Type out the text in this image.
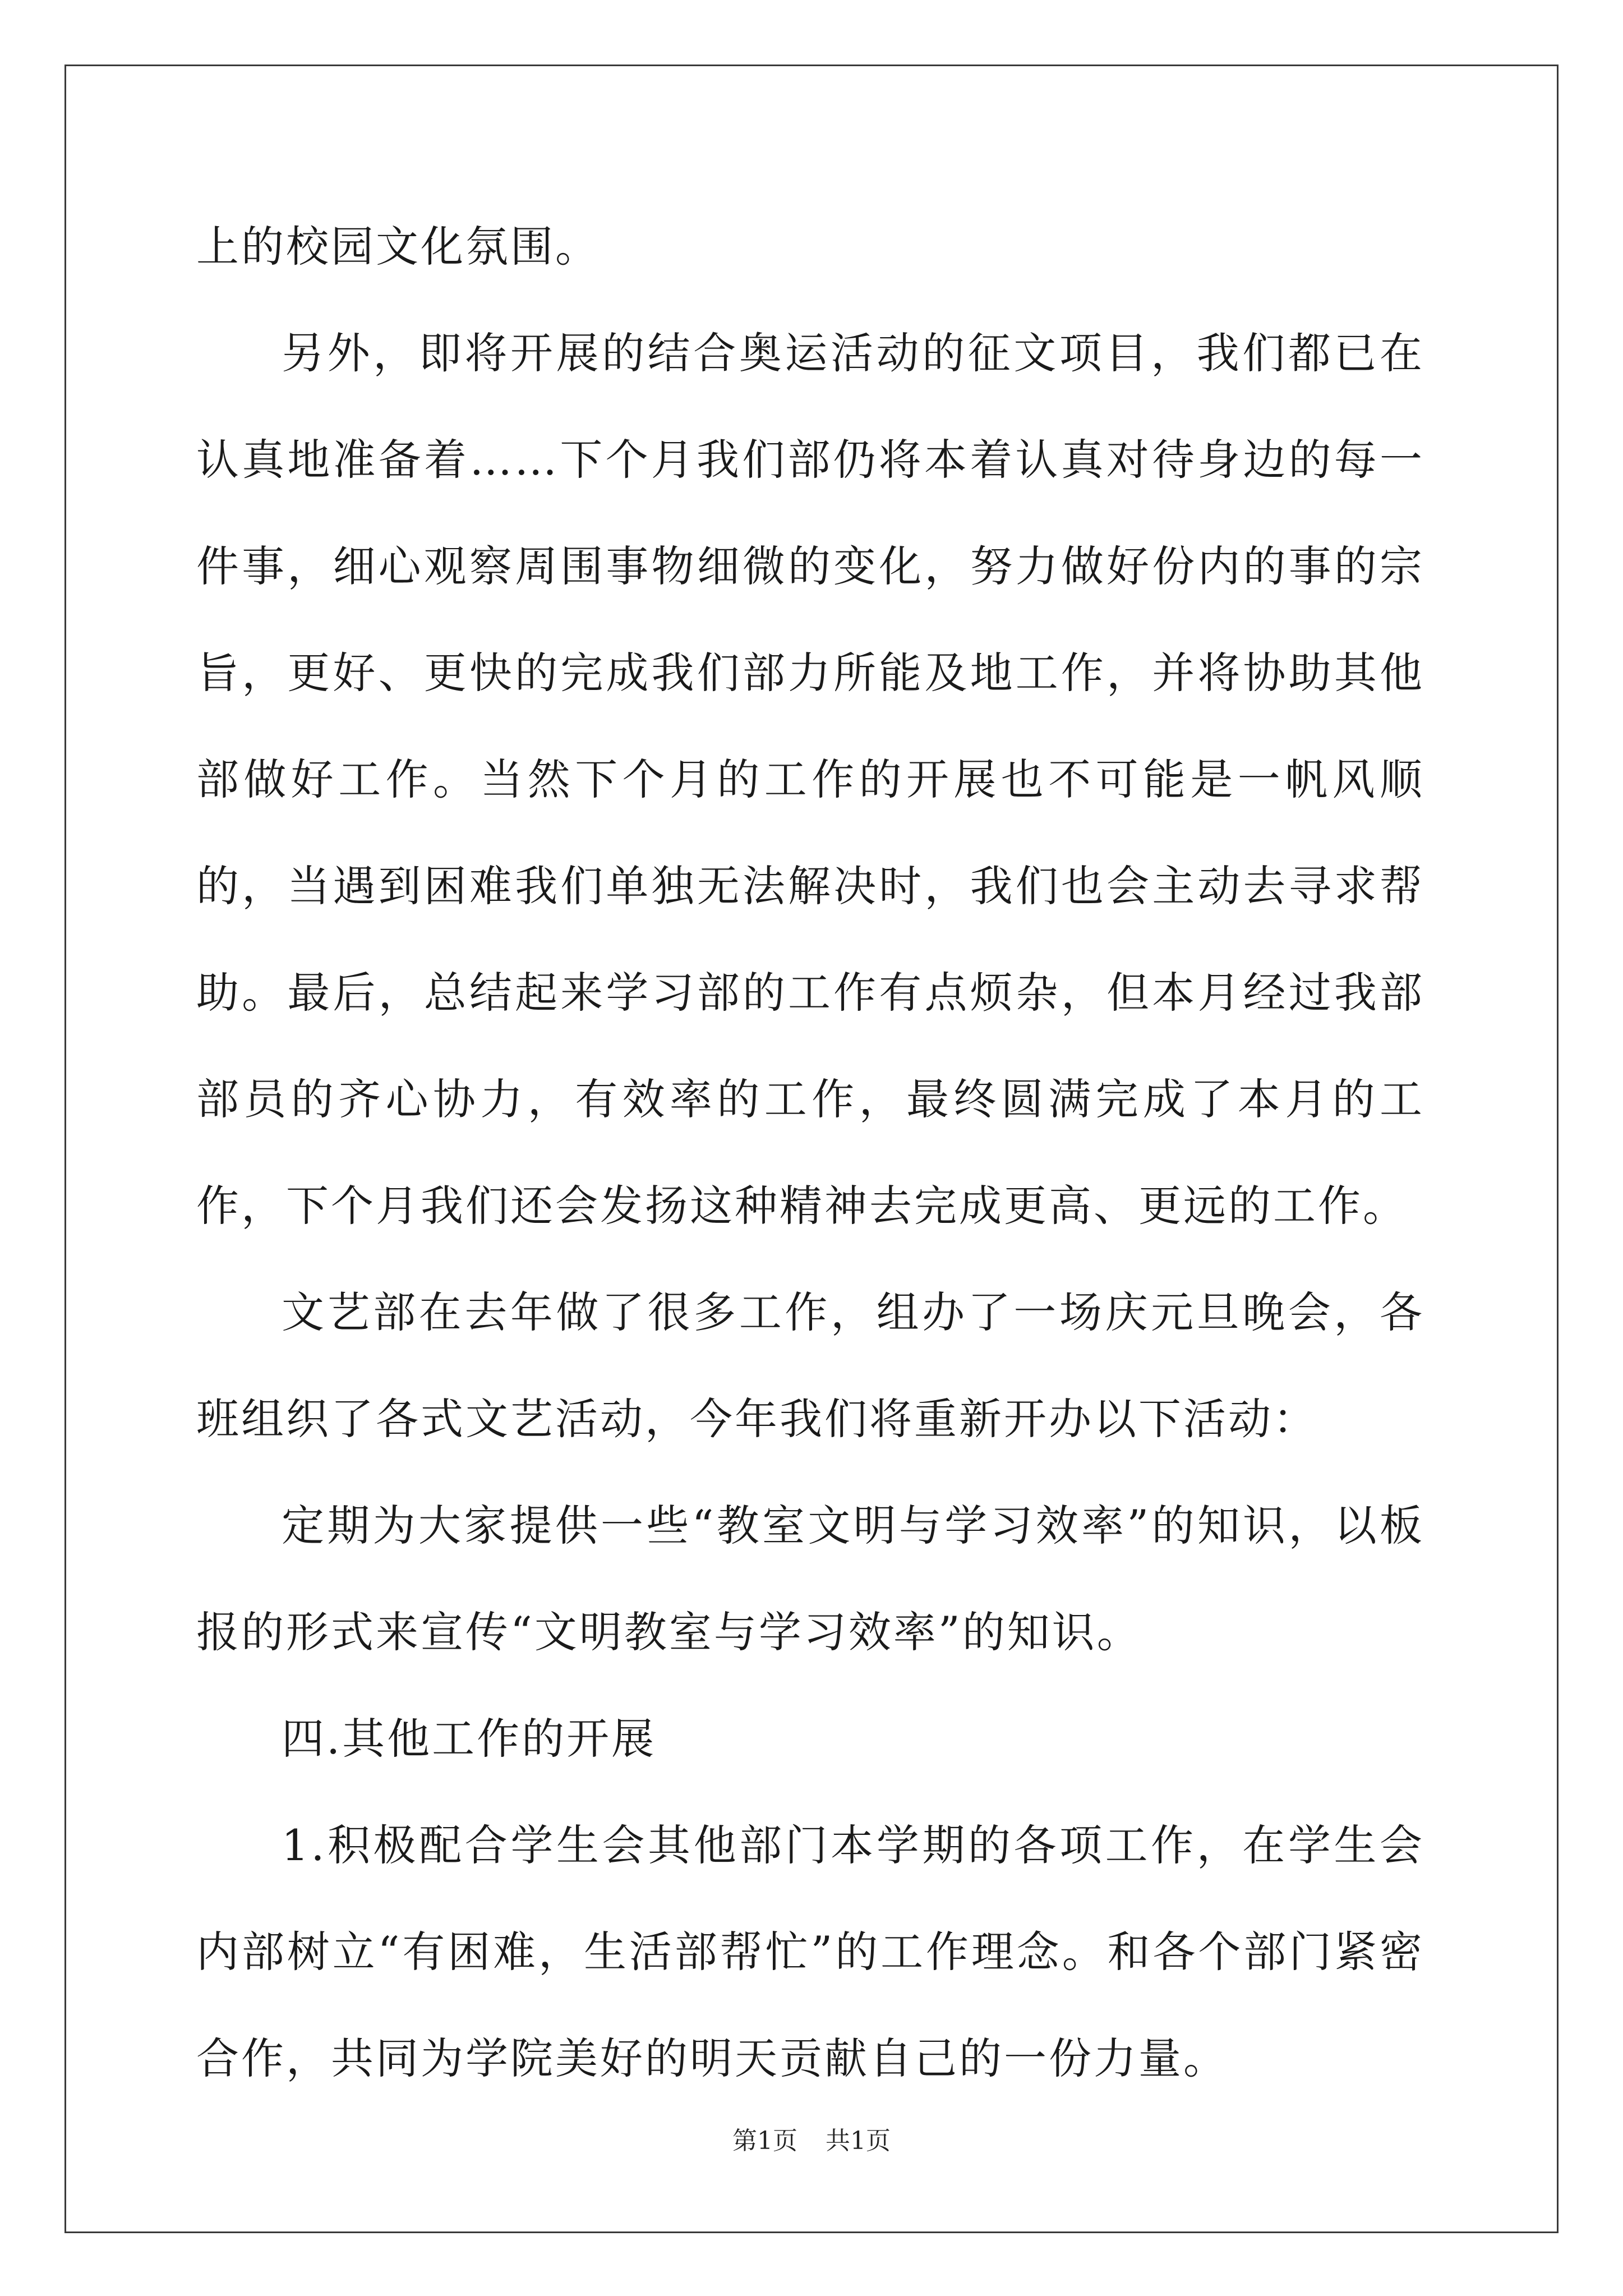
上的校园文化氛围。

另外，即将开展的结合奥运活动的征文项目，我们都已在认真地准备着……下个月我们部仍将本着认真对待身边的每一件事，细心观察周围事物细微的变化，努力做好份内的事的宗旨，更好、更快的完成我们部力所能及地工作，并将协助其他部做好工作。当然下个月的工作的开展也不可能是一帆风顺的，当遇到困难我们单独无法解决时，我们也会主动去寻求帮助。最后，总结起来学习部的工作有点烦杂，但本月经过我部部员的齐心协力，有效率的工作，最终圆满完成了本月的工作，下个月我们还会发扬这种精神去完成更高、更远的工作。

文艺部在去年做了很多工作，组办了一场庆元旦晚会，各班组织了各式文艺活动，今年我们将重新开办以下活动：

定期为大家提供一些“教室文明与学习效率”的知识，以板报的形式来宣传“文明教室与学习效率”的知识。

四.其他工作的开展

1.积极配合学生会其他部门本学期的各项工作，在学生会内部树立“有困难，生活部帮忙”的工作理念。和各个部门紧密合作，共同为学院美好的明天贡献自己的一份力量。

第1页 共1页
